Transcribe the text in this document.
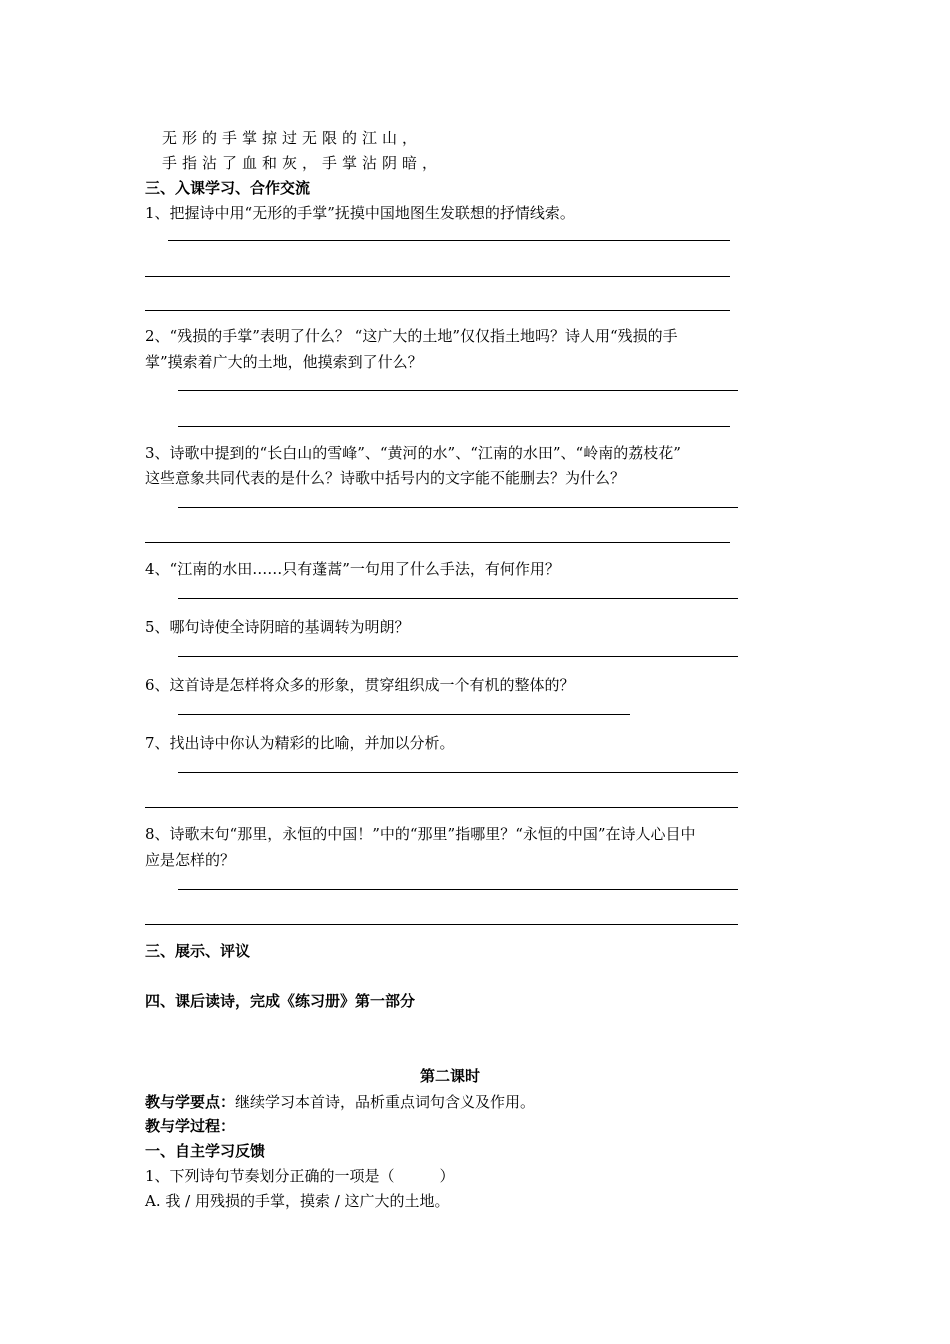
无形的手掌掠过无限的江山，
手指沾了血和灰，手掌沾阴暗，
三、入课学习、合作交流
1、把握诗中用“无形的手掌”抚摸中国地图生发联想的抒情线索。
2、“残损的手掌”表明了什么？ “这广大的土地”仅仅指土地吗？诗人用“残损的手
掌”摸索着广大的土地，他摸索到了什么？
3、诗歌中提到的“长白山的雪峰”、“黄河的水”、“江南的水田”、“岭南的荔枝花”
这些意象共同代表的是什么？诗歌中括号内的文字能不能删去？为什么？
4、“江南的水田……只有蓬蒿”一句用了什么手法，有何作用？
5、哪句诗使全诗阴暗的基调转为明朗？
6、这首诗是怎样将众多的形象，贯穿组织成一个有机的整体的？
7、找出诗中你认为精彩的比喻，并加以分析。
8、诗歌末句“那里，永恒的中国！”中的“那里”指哪里？“永恒的中国”在诗人心目中
应是怎样的？
三、展示、评议
四、课后读诗，完成《练习册》第一部分
第二课时
教与学要点：继续学习本首诗，品析重点词句含义及作用。
教与学过程：
一、自主学习反馈
1、下列诗句节奏划分正确的一项是（　　　）
A. 我 / 用残损的手掌，摸索 / 这广大的土地。
